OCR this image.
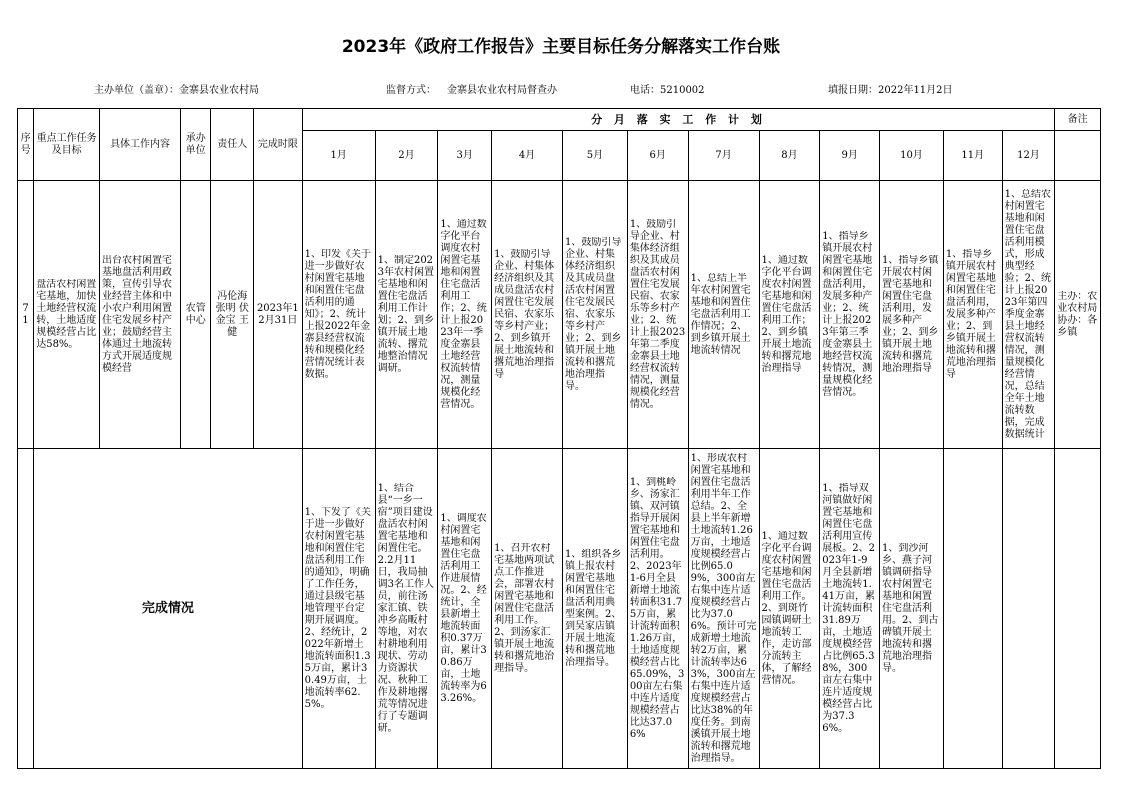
2023年《政府工作报告》主要目标任务分解落实工作台账
主办单位（盖章）：金寨县农业农村局	监督方式： 金寨县农业农村局督查办	电话：5210002	填报日期：2022年11月2日
序号	重点工作任务及目标	具体工作内容	承办单位	责任人	完成时限	分 月 落 实 工 作 计 划												备注
						1月	2月	3月	4月	5月	6月	7月	8月	9月	10月	11月	12月	
71	盘活农村闲置宅基地，加快土地经营权流转，土地适度规模经营占比达58%。	出台农村闲置宅基地盘活利用政策，宣传引导农业经营主体和中小农户利用闲置住宅发展乡村产业；鼓励经营主体通过土地流转方式开展适度规模经营	农管中心	冯伦海 张明 伏金宝 王健	2023年12月31日	1、印发《关于进一步做好农村闲置宅基地和闲置住宅盘活利用的通知》；2、统计上报2022年金寨县经营权流转和规模化经营情况统计表数据。	1、制定2023年农村闲置宅基地和闲置住宅盘活利用工作计划；2、到乡镇开展土地流转、撂荒地整治情况调研。	1、通过数字化平台调度农村闲置宅基地和闲置住宅盘活利用工作；2、统计上报2023年一季度金寨县土地经营权流转情况，测量规模化经营情况。	1、鼓励引导企业、村集体经济组织及其成员盘活农村闲置住宅发展民宿、农家乐等乡村产业；2、到乡镇开展土地流转和撂荒地治理指导	1、鼓励引导企业、村集体经济组织及其成员盘活农村闲置住宅发展民宿、农家乐等乡村产业；2、到乡镇开展土地流转和撂荒地治理指导。	1、鼓励引导企业、村集体经济组织及其成员盘活农村闲置住宅发展民宿、农家乐等乡村产业；2、统计上报2023年第二季度金寨县土地经营权流转情况，测量规模化经营情况。	1、总结上半年农村闲置宅基地和闲置住宅盘活利用工作情况；2、到乡镇开展土地流转情况	1、通过数字化平台调度农村闲置宅基地和闲置住宅盘活利用工作；2、到乡镇开展土地流转和撂荒地治理指导	1、指导乡镇开展农村闲置宅基地和闲置住宅盘活利用，发展多种产业；2、统计上报2023年第三季度金寨县土地经营权流转情况，测量规模化经营情况。	1、指导乡镇开展农村闲置宅基地和闲置住宅盘活利用，发展多种产业；2、到乡镇开展土地流转和撂荒地治理指导	1、指导乡镇开展农村闲置宅基地和闲置住宅盘活利用，发展多种产业；2、到乡镇开展土地流转和撂荒地治理指导	1、总结农村闲置宅基地和闲置住宅盘活利用模式，形成典型经验；2、统计上报2023年第四季度金寨县土地经营权流转情况，测量规模化经营情况，总结全年土地流转数据，完成数据统计	主办：农业农村局 协办：各乡镇

	完成情况					1、下发了《关于进一步做好农村闲置宅基地和闲置住宅盘活利用工作的通知》，明确了工作任务，通过县级宅基地管理平台定期开展调度。2、经统计，2022年新增土地流转面积1.35万亩，累计30.49万亩，土地流转率62.5%。	1、结合县“一乡一宿”项目建设盘活农村闲置宅基地和闲置住宅。2.2月11日，我局抽调3名工作人员，前往汤家汇镇、铁冲乡高畈村等地，对农村耕地利用现状、劳动力资源状况、秋种工作及耕地撂荒等情况进行了专题调研。	1、调度农村闲置宅基地和闲置住宅盘活利用工作进展情况。2、经统计，全县新增土地流转面积0.37万亩，累计30.86万亩，土地流转率为63.26%。	1、召开农村宅基地两项试点工作推进会，部署农村闲置宅基地和闲置住宅盘活利用工作。2、到汤家汇镇开展土地流转和撂荒地治理指导。	1、组织各乡镇上报农村闲置宅基地和闲置住宅盘活利用典型案例。2、到吴家店镇开展土地流转和撂荒地治理指导。	1、到桃岭乡、汤家汇镇、双河镇指导开展闲置宅基地和闲置住宅盘活利用。2、2023年1-6月全县新增土地流转面积31.75万亩，累计流转面积1.26万亩，土地适度规模经营占比65.09%，300亩左右集中连片适度规模经营占比达37.06%	1、形成农村闲置宅基地和闲置住宅盘活利用半年工作总结。2、全县上半年新增土地流转1.26万亩，土地适度规模经营占比例65.09%，300亩左右集中连片适度规模经营占比为37.06%。预计可完成新增土地流转2万亩，累计流转率达63%，300亩左右集中连片适度规模经营占比达38%的年度任务。到南溪镇开展土地流转和撂荒地治理指导。	1、通过数字化平台调度农村闲置宅基地和闲置住宅盘活利用工作。2、到斑竹园镇调研土地流转工作，走访部分流转主体，了解经营情况。	1、指导双河镇做好闲置宅基地和闲置住宅盘活利用宣传展板。2、2023年1-9月全县新增土地流转1.41万亩，累计流转面积31.89万亩，土地适度规模经营占比例65.38%，300亩左右集中连片适度规模经营占比为37.36%。	1、到沙河乡、燕子河镇调研指导农村闲置宅基地和闲置住宅盘活利用。2、到古碑镇开展土地流转和撂荒地治理指导。			
